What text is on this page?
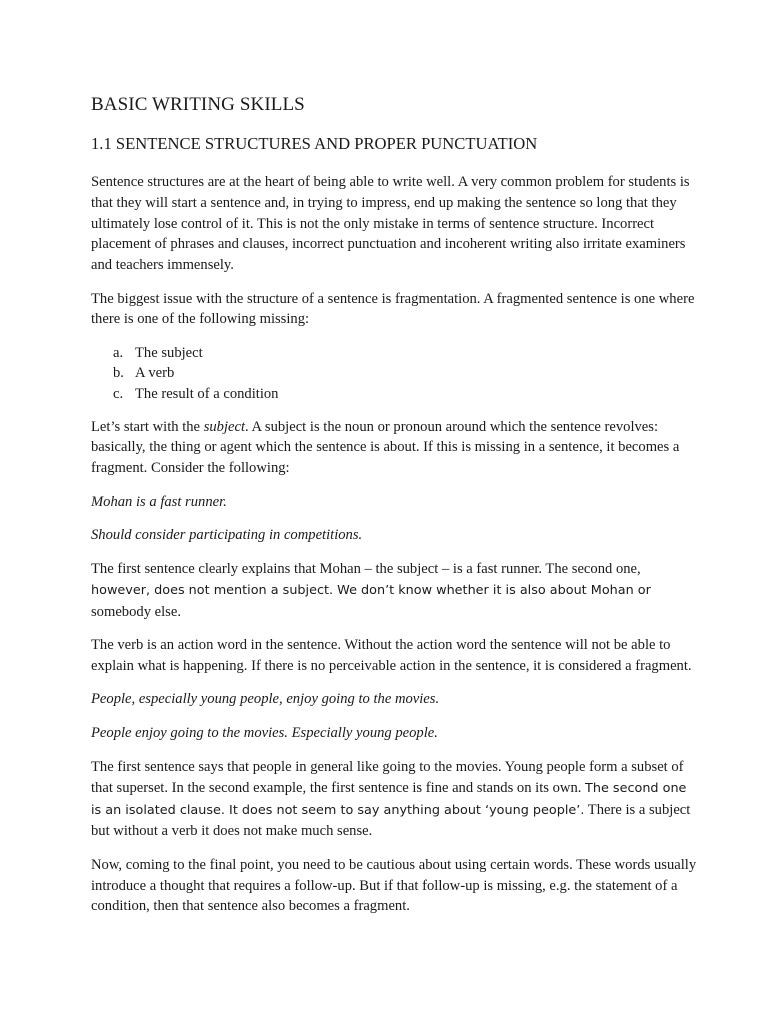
BASIC WRITING SKILLS
1.1 SENTENCE STRUCTURES AND PROPER PUNCTUATION

Sentence structures are at the heart of being able to write well. A very common problem for students is that they will start a sentence and, in trying to impress, end up making the sentence so long that they ultimately lose control of it. This is not the only mistake in terms of sentence structure. Incorrect placement of phrases and clauses, incorrect punctuation and incoherent writing also irritate examiners and teachers immensely.

The biggest issue with the structure of a sentence is fragmentation. A fragmented sentence is one where there is one of the following missing:

a. The subject
b. A verb
c. The result of a condition

Let’s start with the subject. A subject is the noun or pronoun around which the sentence revolves: basically, the thing or agent which the sentence is about. If this is missing in a sentence, it becomes a fragment. Consider the following:

Mohan is a fast runner.

Should consider participating in competitions.

The first sentence clearly explains that Mohan – the subject – is a fast runner. The second one, however, does not mention a subject. We don’t know whether it is also about Mohan or somebody else.

The verb is an action word in the sentence. Without the action word the sentence will not be able to explain what is happening. If there is no perceivable action in the sentence, it is considered a fragment.

People, especially young people, enjoy going to the movies.

People enjoy going to the movies. Especially young people.

The first sentence says that people in general like going to the movies. Young people form a subset of that superset. In the second example, the first sentence is fine and stands on its own. The second one is an isolated clause. It does not seem to say anything about ‘young people’. There is a subject but without a verb it does not make much sense.

Now, coming to the final point, you need to be cautious about using certain words. These words usually introduce a thought that requires a follow-up. But if that follow-up is missing, e.g. the statement of a condition, then that sentence also becomes a fragment.
